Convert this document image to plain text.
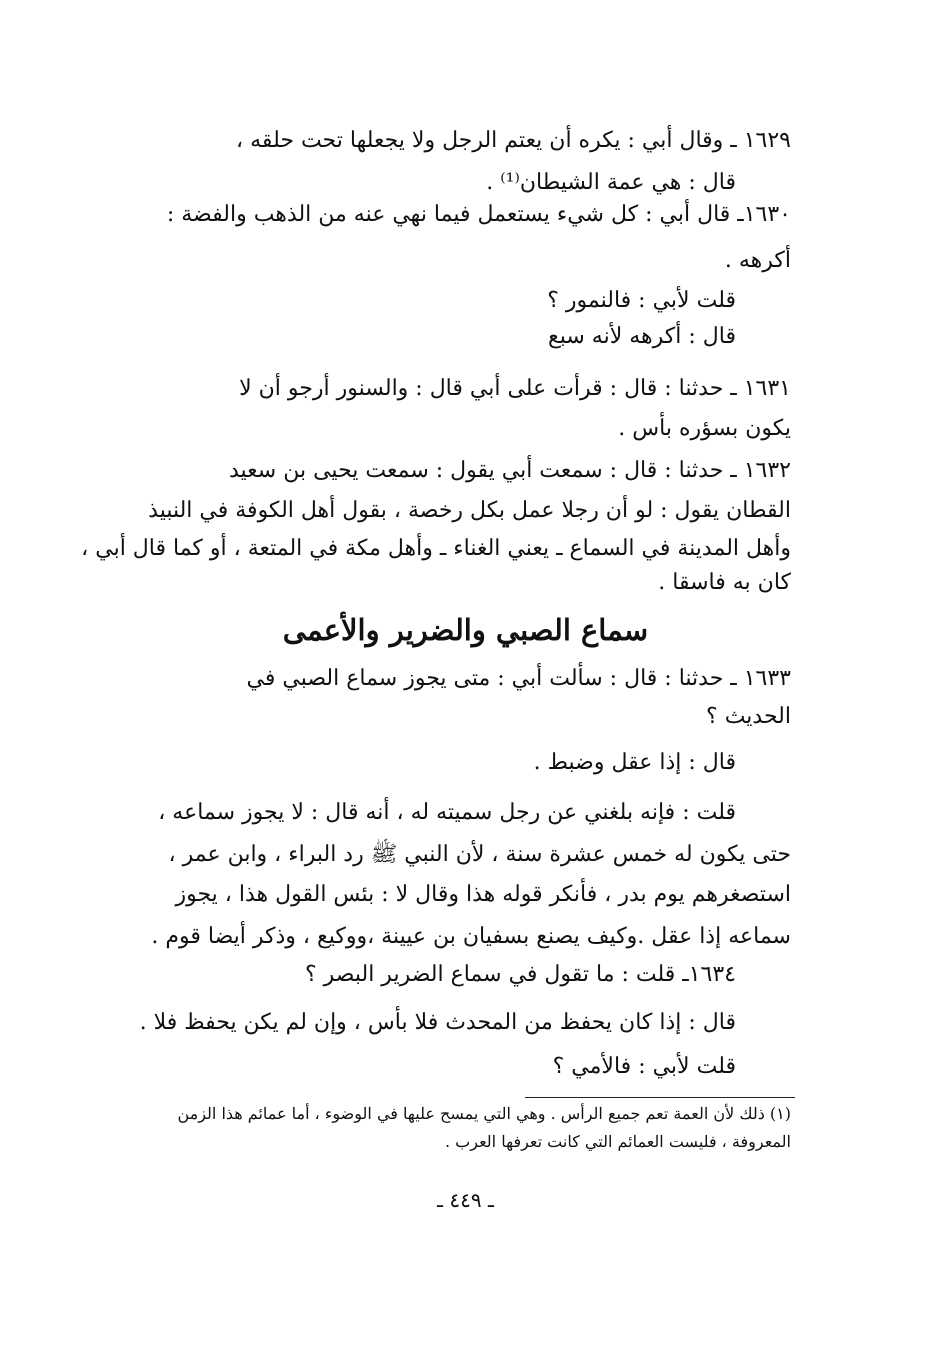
١٦٢٩ ـ وقال أبي : يكره أن يعتم الرجل ولا يجعلها تحت حلقه ،
قال : هي عمة الشيطان⁽¹⁾ .
١٦٣٠ـ قال أبي : كل شيء يستعمل فيما نهي عنه من الذهب والفضة :
أكرهه .
قلت لأبي : فالنمور ؟
قال : أكرهه لأنه سبع
١٦٣١ ـ حدثنا : قال : قرأت على أبي قال : والسنور أرجو أن لا
يكون بسؤره بأس .
١٦٣٢ ـ حدثنا : قال : سمعت أبي يقول : سمعت يحيى بن سعيد
القطان يقول : لو أن رجلا عمل بكل رخصة ، بقول أهل الكوفة في النبيذ
وأهل المدينة في السماع ـ يعني الغناء ـ وأهل مكة في المتعة ، أو كما قال أبي ،
كان به فاسقا .
سماع الصبي والضرير والأعمى
١٦٣٣ ـ حدثنا : قال : سألت أبي : متى يجوز سماع الصبي في
الحديث ؟
قال : إذا عقل وضبط .
قلت : فإنه بلغني عن رجل سميته له ، أنه قال : لا يجوز سماعه ،
حتى يكون له خمس عشرة سنة ، لأن النبي ﷺ رد البراء ، وابن عمر ،
استصغرهم يوم بدر ، فأنكر قوله هذا وقال لا : بئس القول هذا ، يجوز
سماعه إذا عقل .وكيف يصنع بسفيان بن عيينة ،ووكيع ، وذكر أيضا قوم .
١٦٣٤ـ قلت : ما تقول في سماع الضرير البصر ؟
قال : إذا كان يحفظ من المحدث فلا بأس ، وإن لم يكن يحفظ فلا .
قلت لأبي : فالأمي ؟
(١) ذلك لأن العمة تعم جميع الرأس . وهي التي يمسح عليها في الوضوء ، أما عمائم هذا الزمن
المعروفة ، فليست العمائم التي كانت تعرفها العرب .
ـ ٤٤٩ ـ
